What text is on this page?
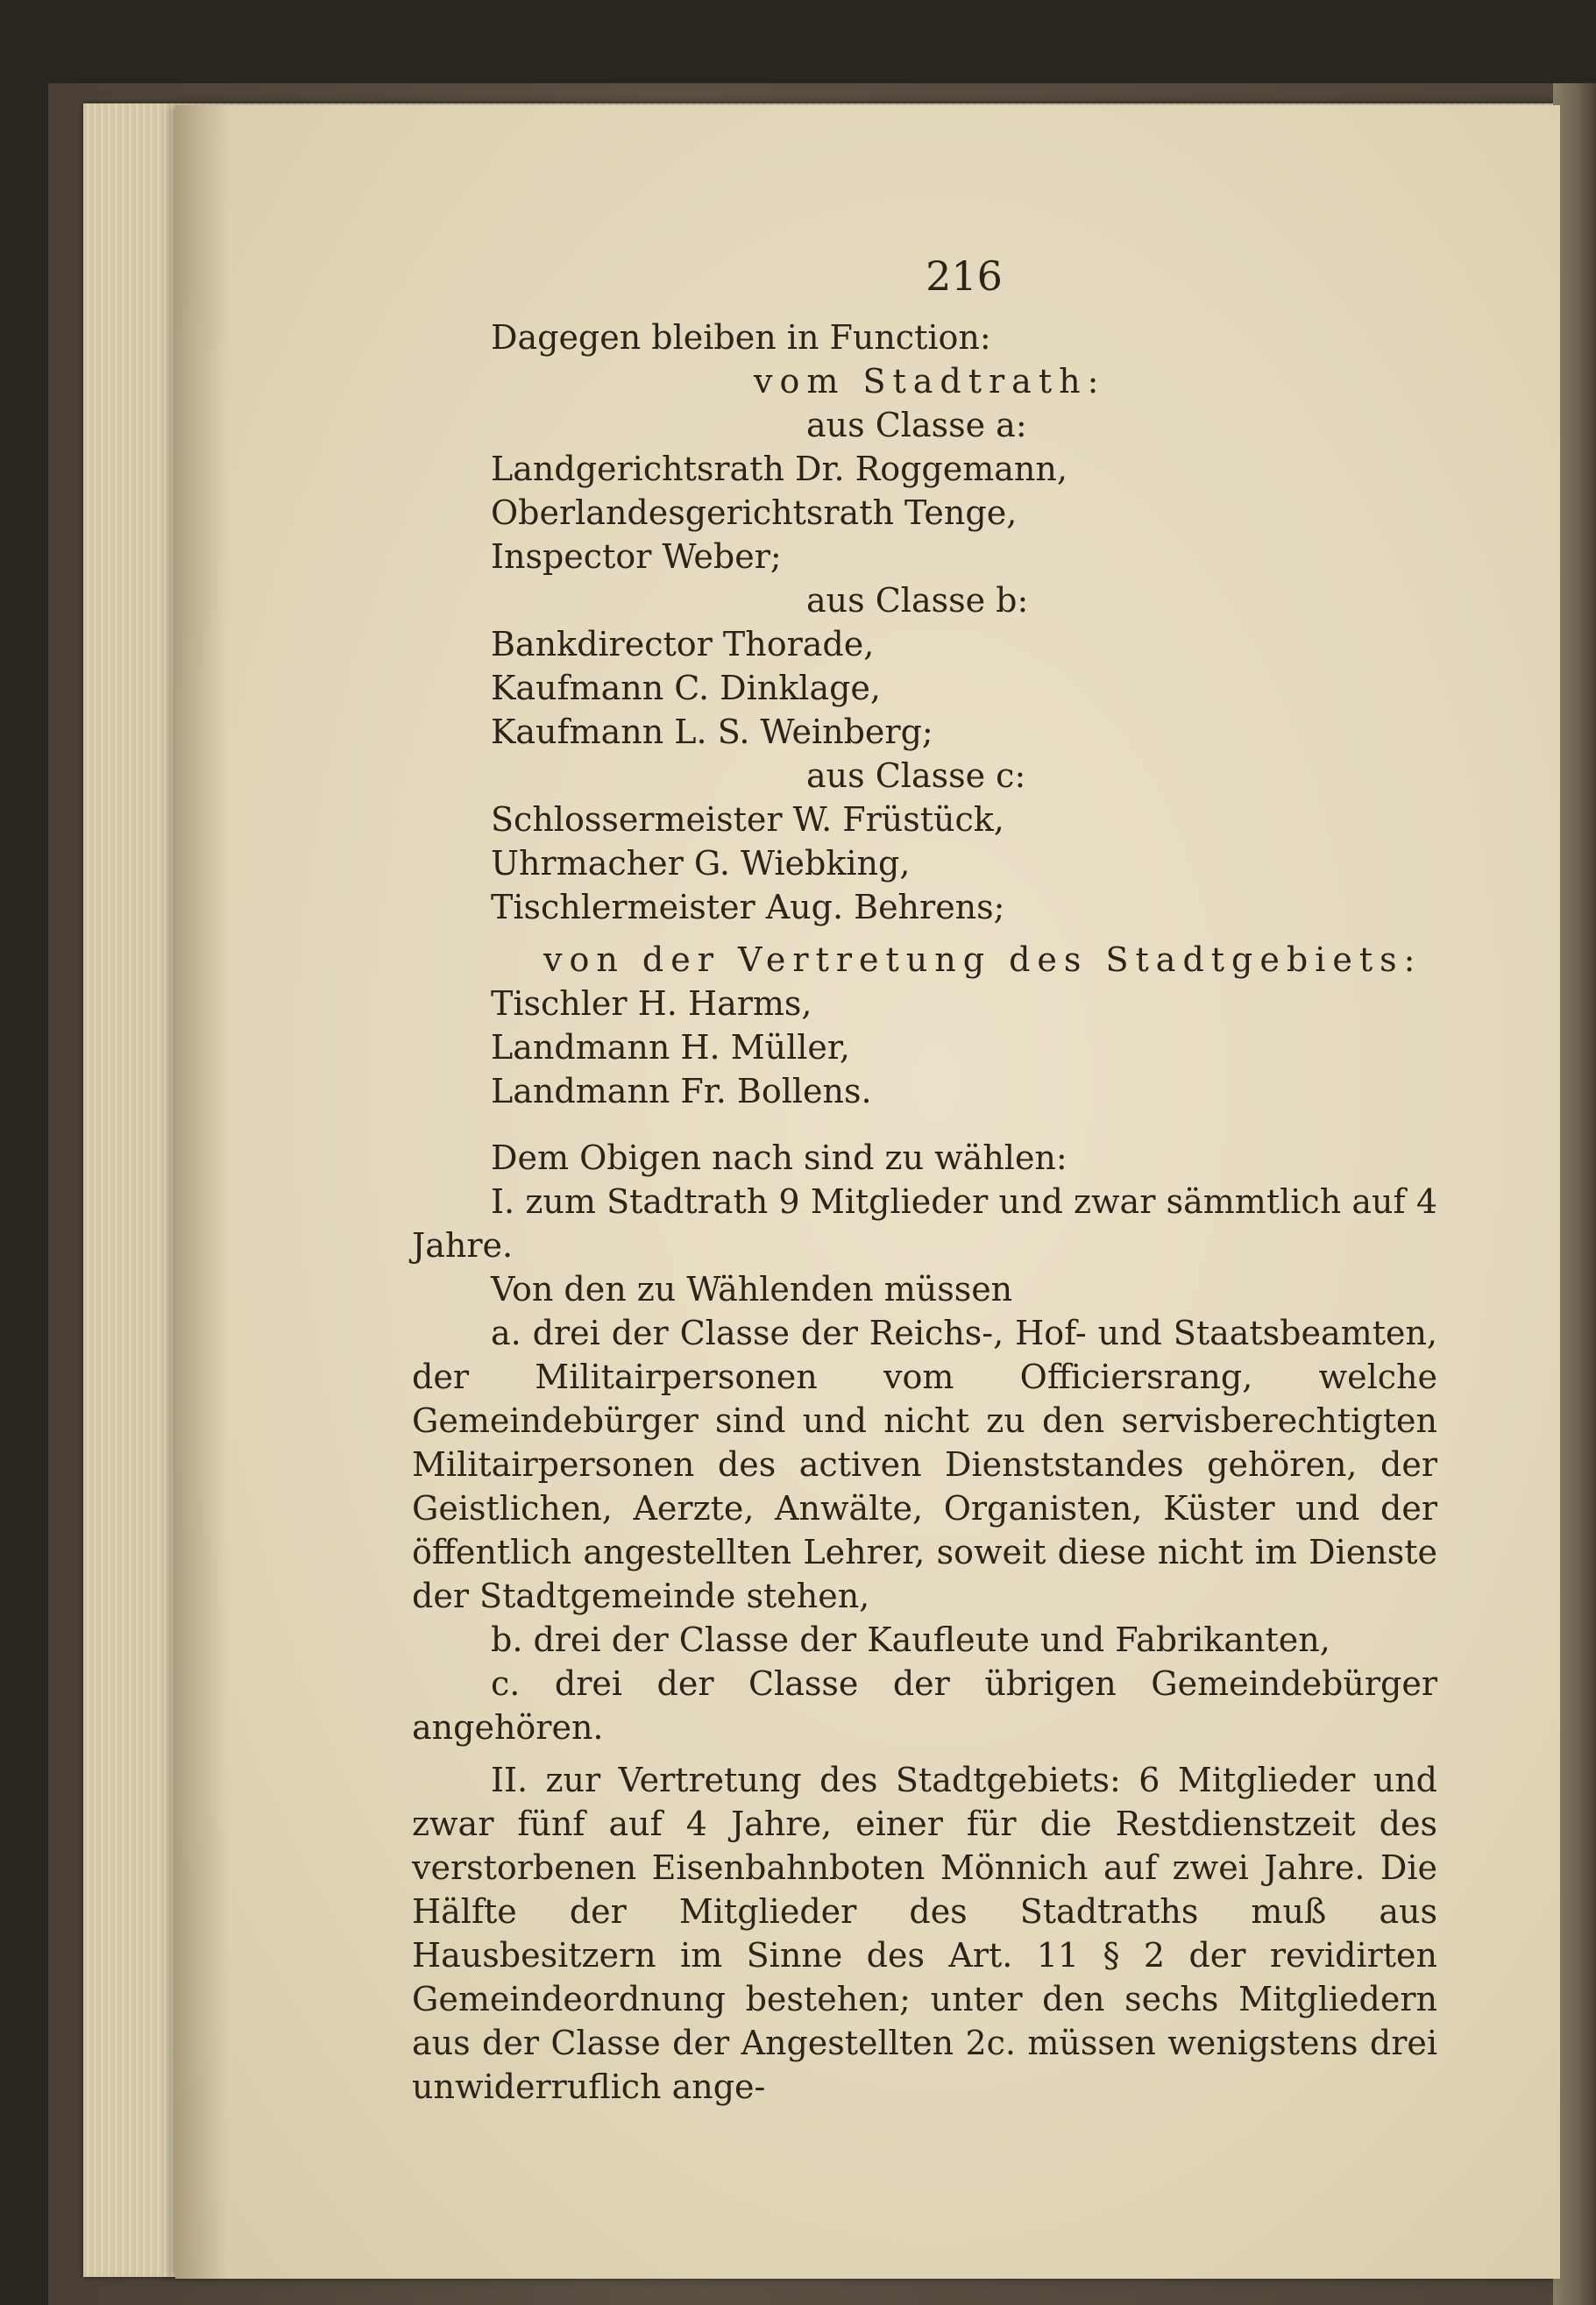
216
Dagegen bleiben in Function:
vom Stadtrath:
aus Classe a:
Landgerichtsrath Dr. Roggemann,
Oberlandesgerichtsrath Tenge,
Inspector Weber;
aus Classe b:
Bankdirector Thorade,
Kaufmann C. Dinklage,
Kaufmann L. S. Weinberg;
aus Classe c:
Schlossermeister W. Früstück,
Uhrmacher G. Wiebking,
Tischlermeister Aug. Behrens;
von der Vertretung des Stadtgebiets:
Tischler H. Harms,
Landmann H. Müller,
Landmann Fr. Bollens.
Dem Obigen nach sind zu wählen:
I. zum Stadtrath 9 Mitglieder und zwar sämmtlich auf 4 Jahre.
Von den zu Wählenden müssen
a. drei der Classe der Reichs-, Hof- und Staatsbeamten, der Militairpersonen vom Officiersrang, welche Gemeindebürger sind und nicht zu den servisberechtigten Militairpersonen des activen Dienststandes gehören, der Geistlichen, Aerzte, Anwälte, Organisten, Küster und der öffentlich angestellten Lehrer, soweit diese nicht im Dienste der Stadtgemeinde stehen,
b. drei der Classe der Kaufleute und Fabrikanten,
c. drei der Classe der übrigen Gemeindebürger angehören.
II. zur Vertretung des Stadtgebiets: 6 Mitglieder und zwar fünf auf 4 Jahre, einer für die Restdienstzeit des verstorbenen Eisenbahnboten Mönnich auf zwei Jahre. Die Hälfte der Mitglieder des Stadtraths muß aus Hausbesitzern im Sinne des Art. 11 § 2 der revidirten Gemeindeordnung bestehen; unter den sechs Mitgliedern aus der Classe der Angestellten 2c. müssen wenigstens drei unwiderruflich ange-
